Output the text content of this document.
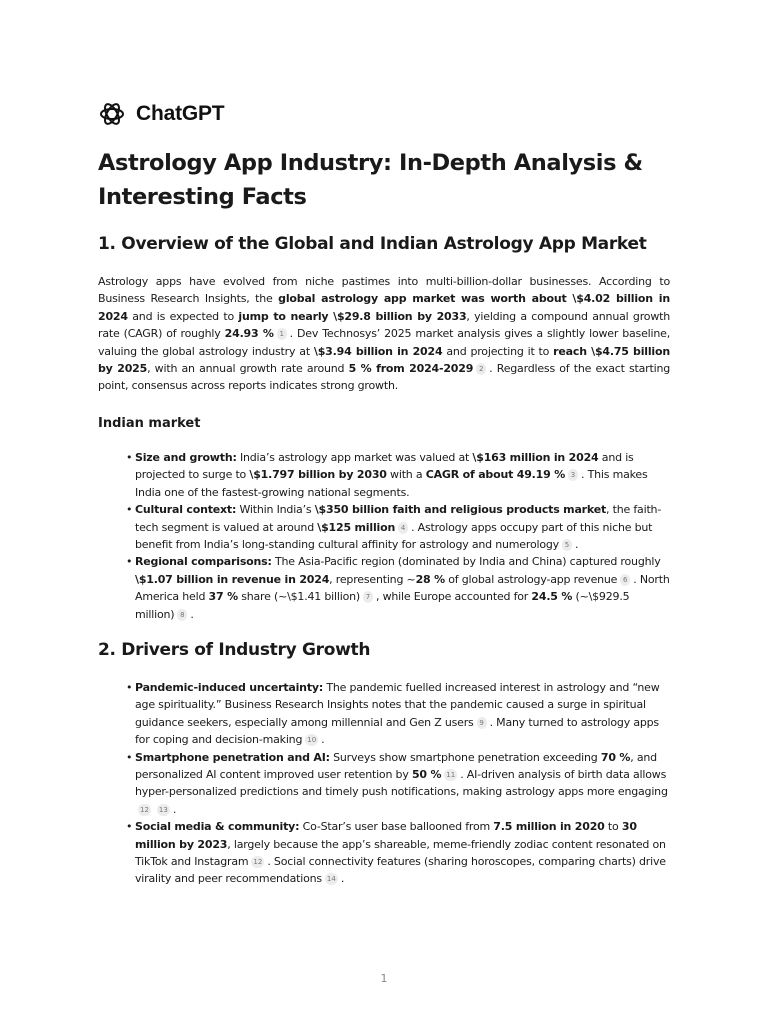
ChatGPT
Astrology App Industry: In-Depth Analysis & Interesting Facts
1. Overview of the Global and Indian Astrology App Market

Astrology apps have evolved from niche pastimes into multi-billion-dollar businesses. According to Business Research Insights, the global astrology app market was worth about \$4.02 billion in 2024 and is expected to jump to nearly \$29.8 billion by 2033, yielding a compound annual growth rate (CAGR) of roughly 24.93 % 1 . Dev Technosys’ 2025 market analysis gives a slightly lower baseline, valuing the global astrology industry at \$3.94 billion in 2024 and projecting it to reach \$4.75 billion by 2025, with an annual growth rate around 5 % from 2024-2029 2 . Regardless of the exact starting point, consensus across reports indicates strong growth.

Indian market
• Size and growth: India’s astrology app market was valued at \$163 million in 2024 and is projected to surge to \$1.797 billion by 2030 with a CAGR of about 49.19 % 3 . This makes India one of the fastest-growing national segments.
• Cultural context: Within India’s \$350 billion faith and religious products market, the faith-tech segment is valued at around \$125 million 4 . Astrology apps occupy part of this niche but benefit from India’s long-standing cultural affinity for astrology and numerology 5 .
• Regional comparisons: The Asia-Pacific region (dominated by India and China) captured roughly \$1.07 billion in revenue in 2024, representing ~28 % of global astrology-app revenue 6 . North America held 37 % share (~\$1.41 billion) 7 , while Europe accounted for 24.5 % (~\$929.5 million) 8 .
2. Drivers of Industry Growth
• Pandemic-induced uncertainty: The pandemic fuelled increased interest in astrology and “new age spirituality.” Business Research Insights notes that the pandemic caused a surge in spiritual guidance seekers, especially among millennial and Gen Z users 9 . Many turned to astrology apps for coping and decision-making 10 .
• Smartphone penetration and AI: Surveys show smartphone penetration exceeding 70 %, and personalized AI content improved user retention by 50 % 11 . AI-driven analysis of birth data allows hyper-personalized predictions and timely push notifications, making astrology apps more engaging12 13 .
• Social media & community: Co-Star’s user base ballooned from 7.5 million in 2020 to 30 million by 2023, largely because the app’s shareable, meme-friendly zodiac content resonated on TikTok and Instagram 12 . Social connectivity features (sharing horoscopes, comparing charts) drive virality and peer recommendations 14 .
1
